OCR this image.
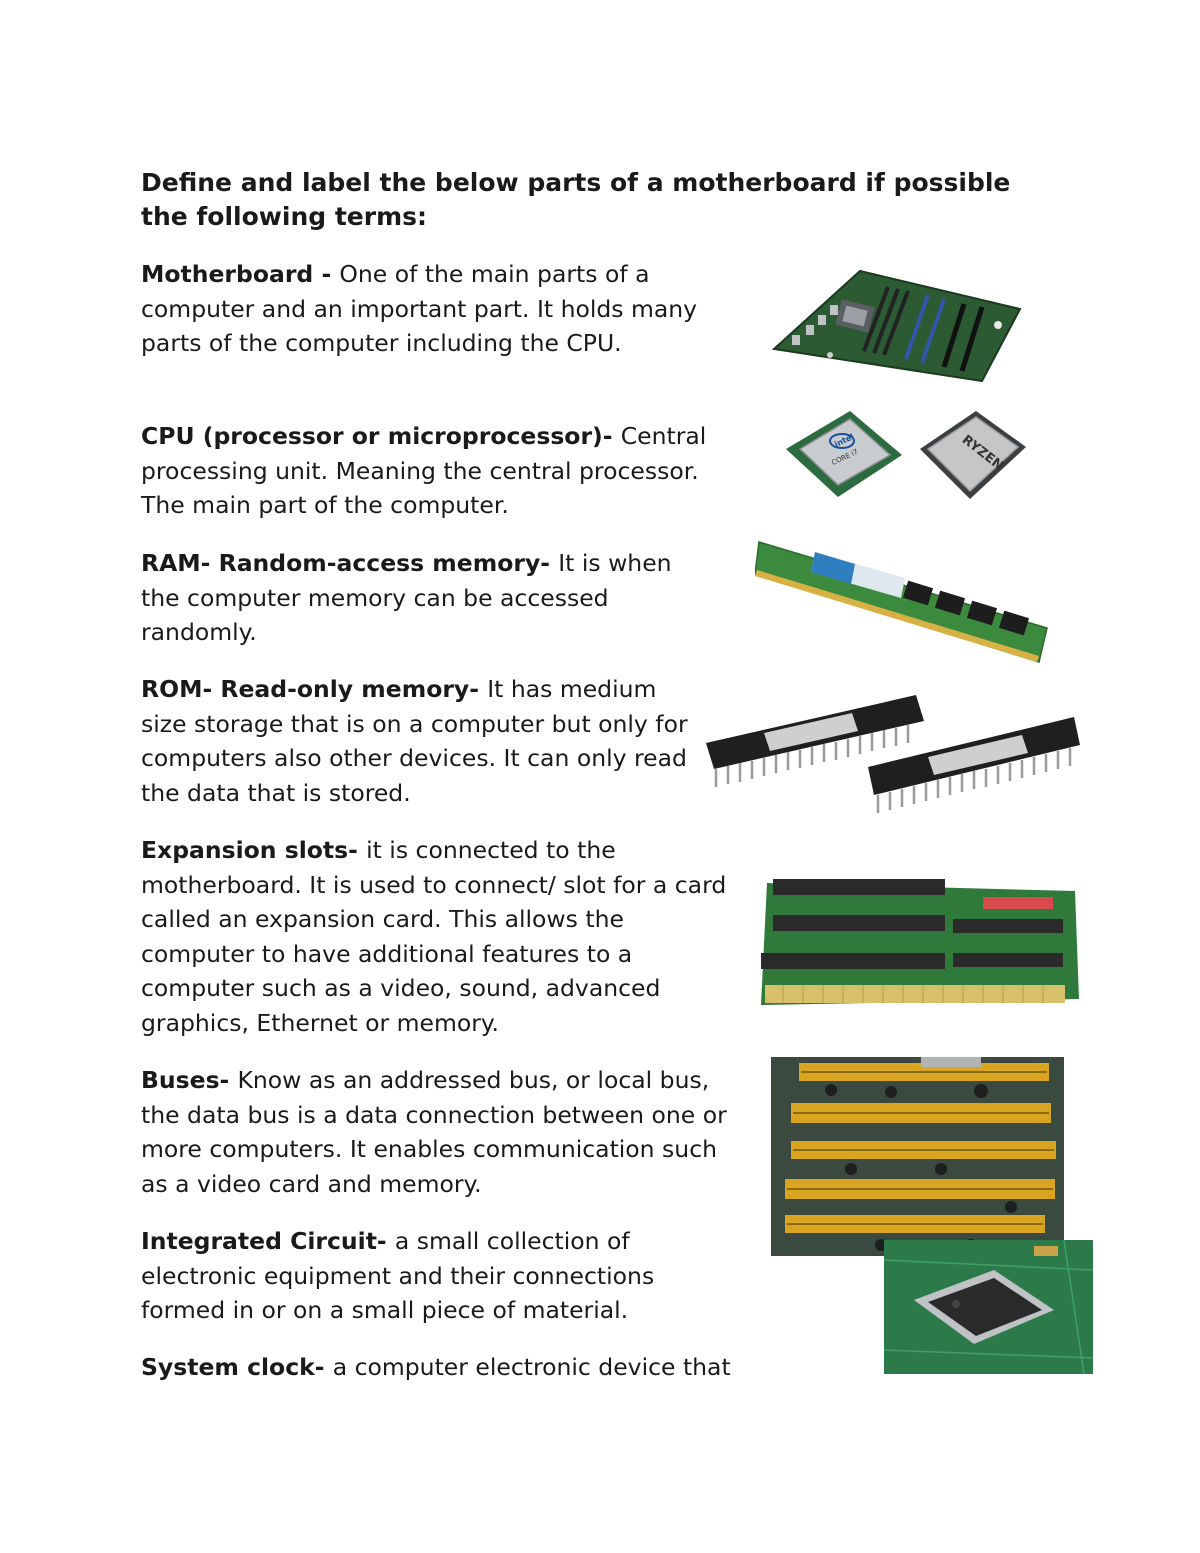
Define and label the below parts of a motherboard if possible the following terms:

Motherboard - One of the main parts of a computer and an important part. It holds many parts of the computer including the CPU.

CPU (processor or microprocessor)- Central processing unit. Meaning the central processor. The main part of the computer.

RAM- Random-access memory- It is when the computer memory can be accessed randomly.

ROM- Read-only memory- It has medium size storage that is on a computer but only for computers also other devices. It can only read the data that is stored.

Expansion slots- it is connected to the motherboard. It is used to connect/ slot for a card called an expansion card. This allows the computer to have additional features to a computer such as a video, sound, advanced graphics, Ethernet or memory.

Buses- Know as an addressed bus, or local bus, the data bus is a data connection between one or more computers. It enables communication such as a video card and memory.

Integrated Circuit- a small collection of electronic equipment and their connections formed in or on a small piece of material.

System clock- a computer electronic device that

intel
CORE i7	RYZEN
